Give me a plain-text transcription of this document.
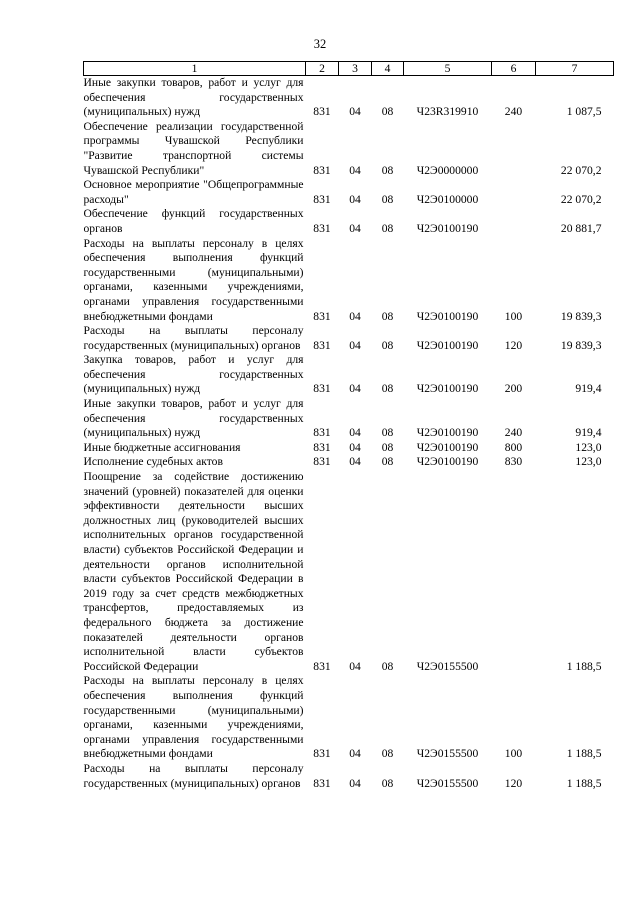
32
1	2	3	4	5	6	7
Иные закупки товаров, работ и услуг для обеспечения государственных (муниципальных) нужд	831	04	08	Ч23R319910	240	1 087,5
Обеспечение реализации государственной программы Чувашской Республики "Развитие транспортной системы Чувашской Республики"	831	04	08	Ч2Э0000000		22 070,2
Основное мероприятие "Общепрограммные расходы"	831	04	08	Ч2Э0100000		22 070,2
Обеспечение функций государственных органов	831	04	08	Ч2Э0100190		20 881,7
Расходы на выплаты персоналу в целях обеспечения выполнения функций государственными (муниципальными) органами, казенными учреждениями, органами управления государственными внебюджетными фондами	831	04	08	Ч2Э0100190	100	19 839,3
Расходы на выплаты персоналу государственных (муниципальных) органов	831	04	08	Ч2Э0100190	120	19 839,3
Закупка товаров, работ и услуг для обеспечения государственных (муниципальных) нужд	831	04	08	Ч2Э0100190	200	919,4
Иные закупки товаров, работ и услуг для обеспечения государственных (муниципальных) нужд	831	04	08	Ч2Э0100190	240	919,4
Иные бюджетные ассигнования	831	04	08	Ч2Э0100190	800	123,0
Исполнение судебных актов	831	04	08	Ч2Э0100190	830	123,0
Поощрение за содействие достижению значений (уровней) показателей для оценки эффективности деятельности высших должностных лиц (руководителей высших исполнительных органов государственной власти) субъектов Российской Федерации и деятельности органов исполнительной власти субъектов Российской Федерации в 2019 году за счет средств межбюджетных трансфертов, предоставляемых из федерального бюджета за достижение показателей деятельности органов исполнительной власти субъектов Российской Федерации	831	04	08	Ч2Э0155500		1 188,5
Расходы на выплаты персоналу в целях обеспечения выполнения функций государственными (муниципальными) органами, казенными учреждениями, органами управления государственными внебюджетными фондами	831	04	08	Ч2Э0155500	100	1 188,5
Расходы на выплаты персоналу государственных (муниципальных) органов	831	04	08	Ч2Э0155500	120	1 188,5
